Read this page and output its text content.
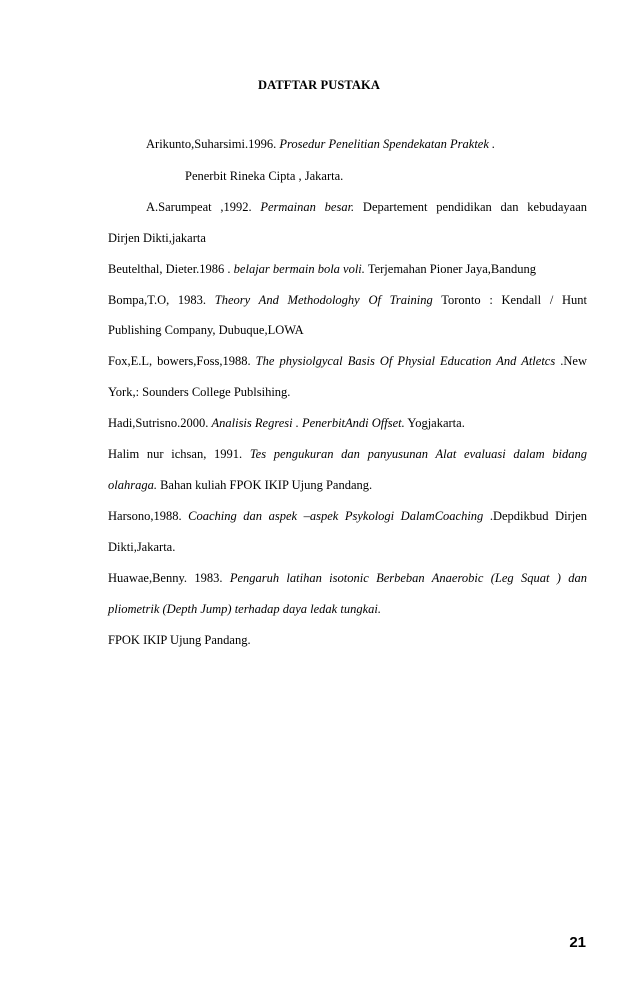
DATFTAR PUSTAKA
Arikunto,Suharsimi.1996. Prosedur Penelitian Spendekatan Praktek .
Penerbit Rineka Cipta , Jakarta.
A.Sarumpeat ,1992. Permainan besar. Departement pendidikan dan kebudayaan
Dirjen Dikti,jakarta
Beutelthal, Dieter.1986 . belajar bermain bola voli. Terjemahan Pioner Jaya,Bandung
Bompa,T.O, 1983. Theory And Methodologhy Of Training Toronto : Kendall / Hunt
Publishing Company, Dubuque,LOWA
Fox,E.L, bowers,Foss,1988. The physiolgycal Basis Of Physial Education And Atletcs .New
York,: Sounders College Publsihing.
Hadi,Sutrisno.2000. Analisis Regresi . PenerbitAndi Offset. Yogjakarta.
Halim nur ichsan, 1991. Tes pengukuran dan panyusunan Alat evaluasi dalam bidang
olahraga. Bahan kuliah FPOK IKIP Ujung Pandang.
Harsono,1988. Coaching dan aspek –aspek Psykologi DalamCoaching .Depdikbud Dirjen
Dikti,Jakarta.
Huawae,Benny. 1983. Pengaruh latihan isotonic Berbeban Anaerobic (Leg Squat ) dan
pliometrik (Depth Jump) terhadap daya ledak tungkai.
FPOK IKIP Ujung Pandang.
21
